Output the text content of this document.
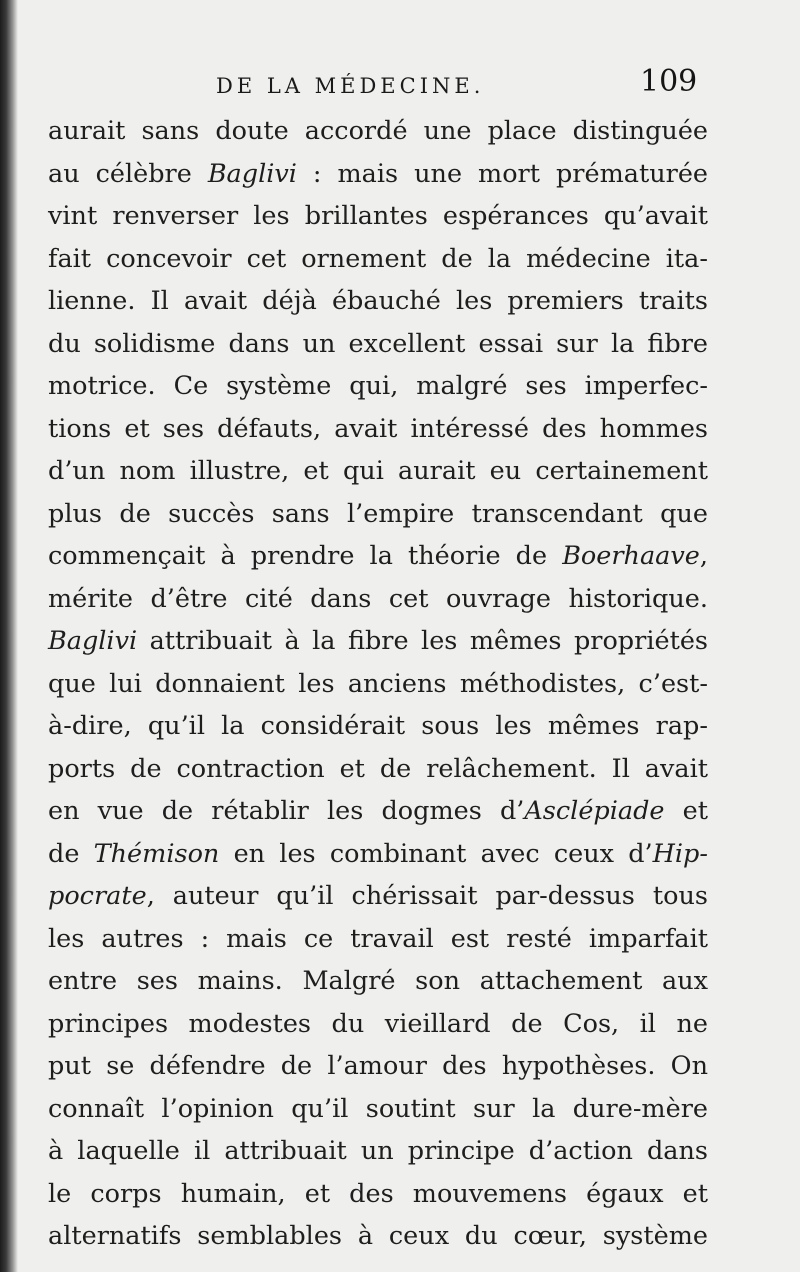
DE LA MÉDECINE.	109
aurait sans doute accordé une place distinguée
au célèbre Baglivi : mais une mort prématurée
vint renverser les brillantes espérances qu’avait
fait concevoir cet ornement de la médecine ita-
lienne. Il avait déjà ébauché les premiers traits
du solidisme dans un excellent essai sur la fibre
motrice. Ce système qui, malgré ses imperfec-
tions et ses défauts, avait intéressé des hommes
d’un nom illustre, et qui aurait eu certainement
plus de succès sans l’empire transcendant que
commençait à prendre la théorie de Boerhaave,
mérite d’être cité dans cet ouvrage historique.
Baglivi attribuait à la fibre les mêmes propriétés
que lui donnaient les anciens méthodistes, c’est-
à-dire, qu’il la considérait sous les mêmes rap-
ports de contraction et de relâchement. Il avait
en vue de rétablir les dogmes d’Asclépiade et
de Thémison en les combinant avec ceux d’Hip-
pocrate, auteur qu’il chérissait par-dessus tous
les autres : mais ce travail est resté imparfait
entre ses mains. Malgré son attachement aux
principes modestes du vieillard de Cos, il ne
put se défendre de l’amour des hypothèses. On
connaît l’opinion qu’il soutint sur la dure-mère
à laquelle il attribuait un principe d’action dans
le corps humain, et des mouvemens égaux et
alternatifs semblables à ceux du cœur, système
